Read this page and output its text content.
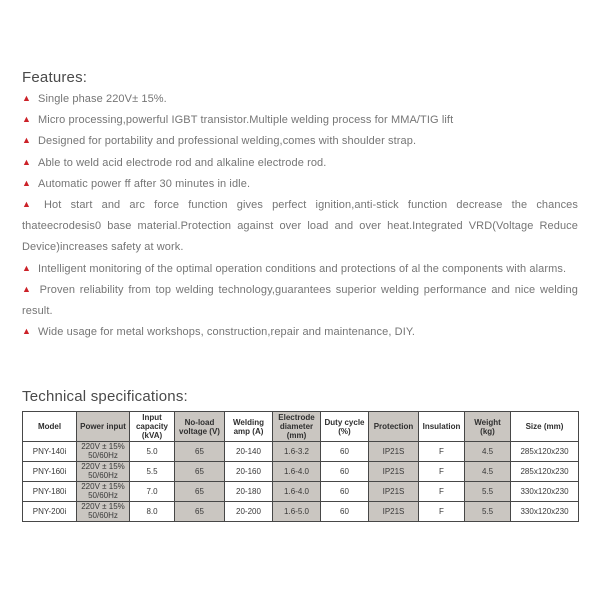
Features:

▲ Single phase 220V± 15%.

▲ Micro processing,powerful IGBT transistor.Multiple welding process for MMA/TIG lift

▲ Designed for portability and professional welding,comes with shoulder strap.

▲ Able to weld acid electrode rod and alkaline electrode rod.

▲ Automatic power ff after 30 minutes in idle.

▲ Hot start and arc force function gives perfect ignition,anti-stick function decrease the chances thateecrodesis0 base material.Protection against over load and over heat.Integrated VRD(Voltage Reduce Device)increases safety at work.

▲ Intelligent monitoring of the optimal operation conditions and protections of al the components with alarms.

▲ Proven reliability from top welding technology,guarantees superior welding performance and nice welding result.

▲ Wide usage for metal workshops, construction,repair and maintenance, DIY.

Technical specifications:
Model	Power input	Input capacity (kVA)	No-load voltage (V)	Welding amp (A)	Electrode diameter (mm)	Duty cycle (%)	Protection	Insulation	Weight (kg)	Size (mm)
PNY-140i	220V ± 15% 50/60Hz	5.0	65	20-140	1.6-3.2	60	IP21S	F	4.5	285x120x230
PNY-160i	220V ± 15% 50/60Hz	5.5	65	20-160	1.6-4.0	60	IP21S	F	4.5	285x120x230
PNY-180i	220V ± 15% 50/60Hz	7.0	65	20-180	1.6-4.0	60	IP21S	F	5.5	330x120x230
PNY-200i	220V ± 15% 50/60Hz	8.0	65	20-200	1.6-5.0	60	IP21S	F	5.5	330x120x230
